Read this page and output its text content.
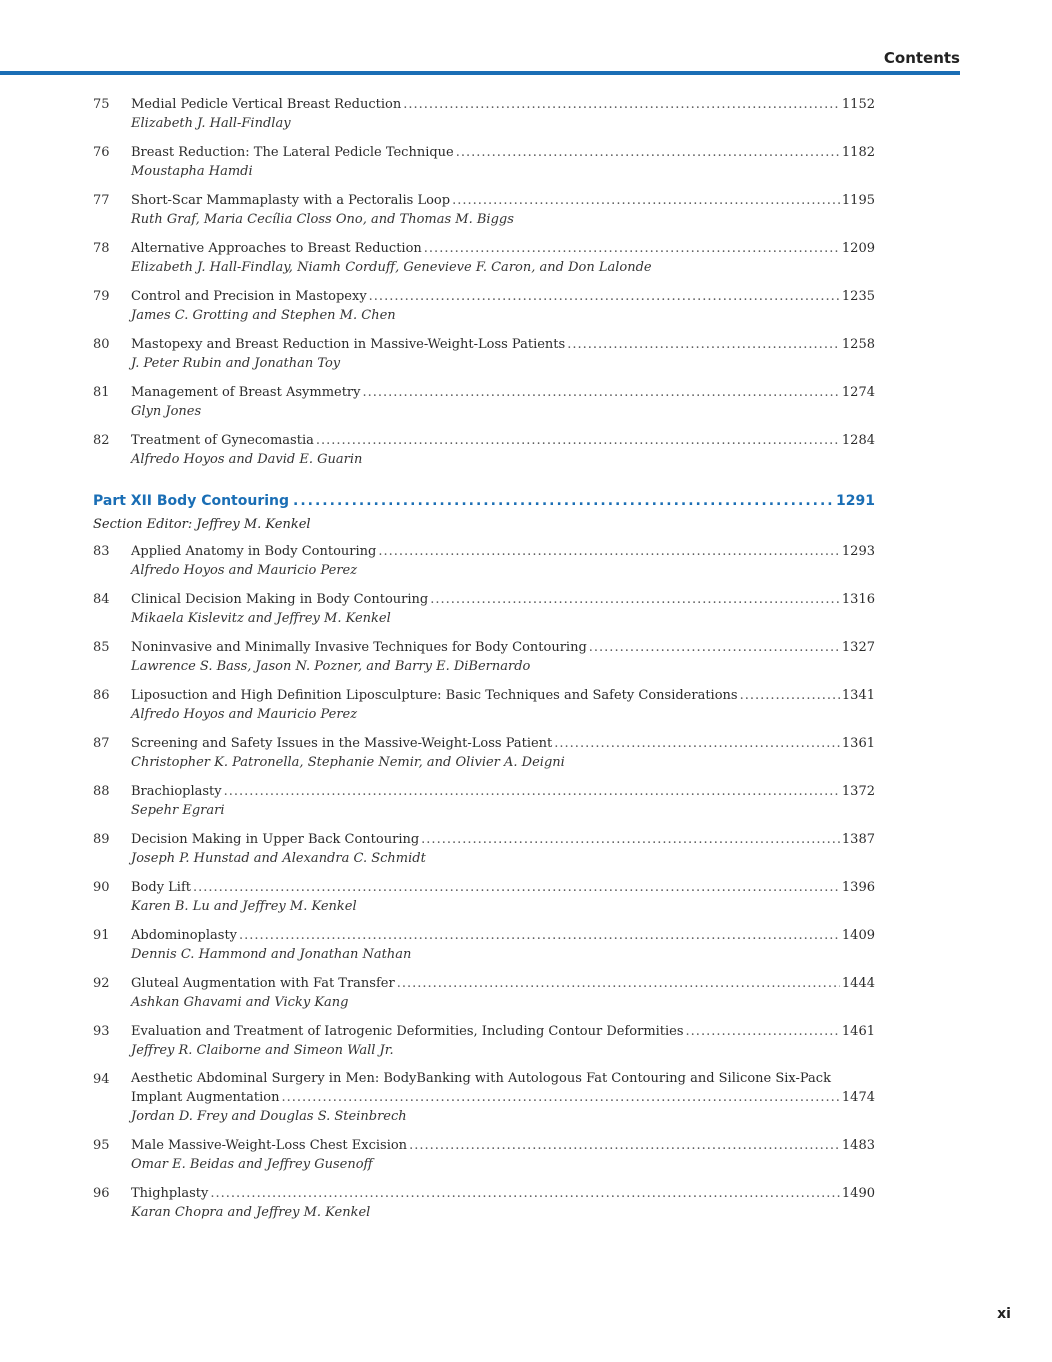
Contents
75	Medial Pedicle Vertical Breast Reduction .....	1152
Elizabeth J. Hall-Findlay
76	Breast Reduction: The Lateral Pedicle Technique .....	1182
Moustapha Hamdi
77	Short-Scar Mammaplasty with a Pectoralis Loop .....	1195
Ruth Graf, Maria Cecília Closs Ono, and Thomas M. Biggs
78	Alternative Approaches to Breast Reduction .....	1209
Elizabeth J. Hall-Findlay, Niamh Corduff, Genevieve F. Caron, and Don Lalonde
79	Control and Precision in Mastopexy .....	1235
James C. Grotting and Stephen M. Chen
80	Mastopexy and Breast Reduction in Massive-Weight-Loss Patients .....	1258
J. Peter Rubin and Jonathan Toy
81	Management of Breast Asymmetry .....	1274
Glyn Jones
82	Treatment of Gynecomastia .....	1284
Alfredo Hoyos and David E. Guarin
Part XII Body Contouring .....	1291
Section Editor: Jeffrey M. Kenkel
83	Applied Anatomy in Body Contouring .....	1293
Alfredo Hoyos and Mauricio Perez
84	Clinical Decision Making in Body Contouring .....	1316
Mikaela Kislevitz and Jeffrey M. Kenkel
85	Noninvasive and Minimally Invasive Techniques for Body Contouring .....	1327
Lawrence S. Bass, Jason N. Pozner, and Barry E. DiBernardo
86	Liposuction and High Definition Liposculpture: Basic Techniques and Safety Considerations .....	1341
Alfredo Hoyos and Mauricio Perez
87	Screening and Safety Issues in the Massive-Weight-Loss Patient .....	1361
Christopher K. Patronella, Stephanie Nemir, and Olivier A. Deigni
88	Brachioplasty .....	1372
Sepehr Egrari
89	Decision Making in Upper Back Contouring .....	1387
Joseph P. Hunstad and Alexandra C. Schmidt
90	Body Lift .....	1396
Karen B. Lu and Jeffrey M. Kenkel
91	Abdominoplasty .....	1409
Dennis C. Hammond and Jonathan Nathan
92	Gluteal Augmentation with Fat Transfer .....	1444
Ashkan Ghavami and Vicky Kang
93	Evaluation and Treatment of Iatrogenic Deformities, Including Contour Deformities .....	1461
Jeffrey R. Claiborne and Simeon Wall Jr.
94	Aesthetic Abdominal Surgery in Men: BodyBanking with Autologous Fat Contouring and Silicone Six-Pack
Implant Augmentation .....	1474
Jordan D. Frey and Douglas S. Steinbrech
95	Male Massive-Weight-Loss Chest Excision .....	1483
Omar E. Beidas and Jeffrey Gusenoff
96	Thighplasty .....	1490
Karan Chopra and Jeffrey M. Kenkel
xi
